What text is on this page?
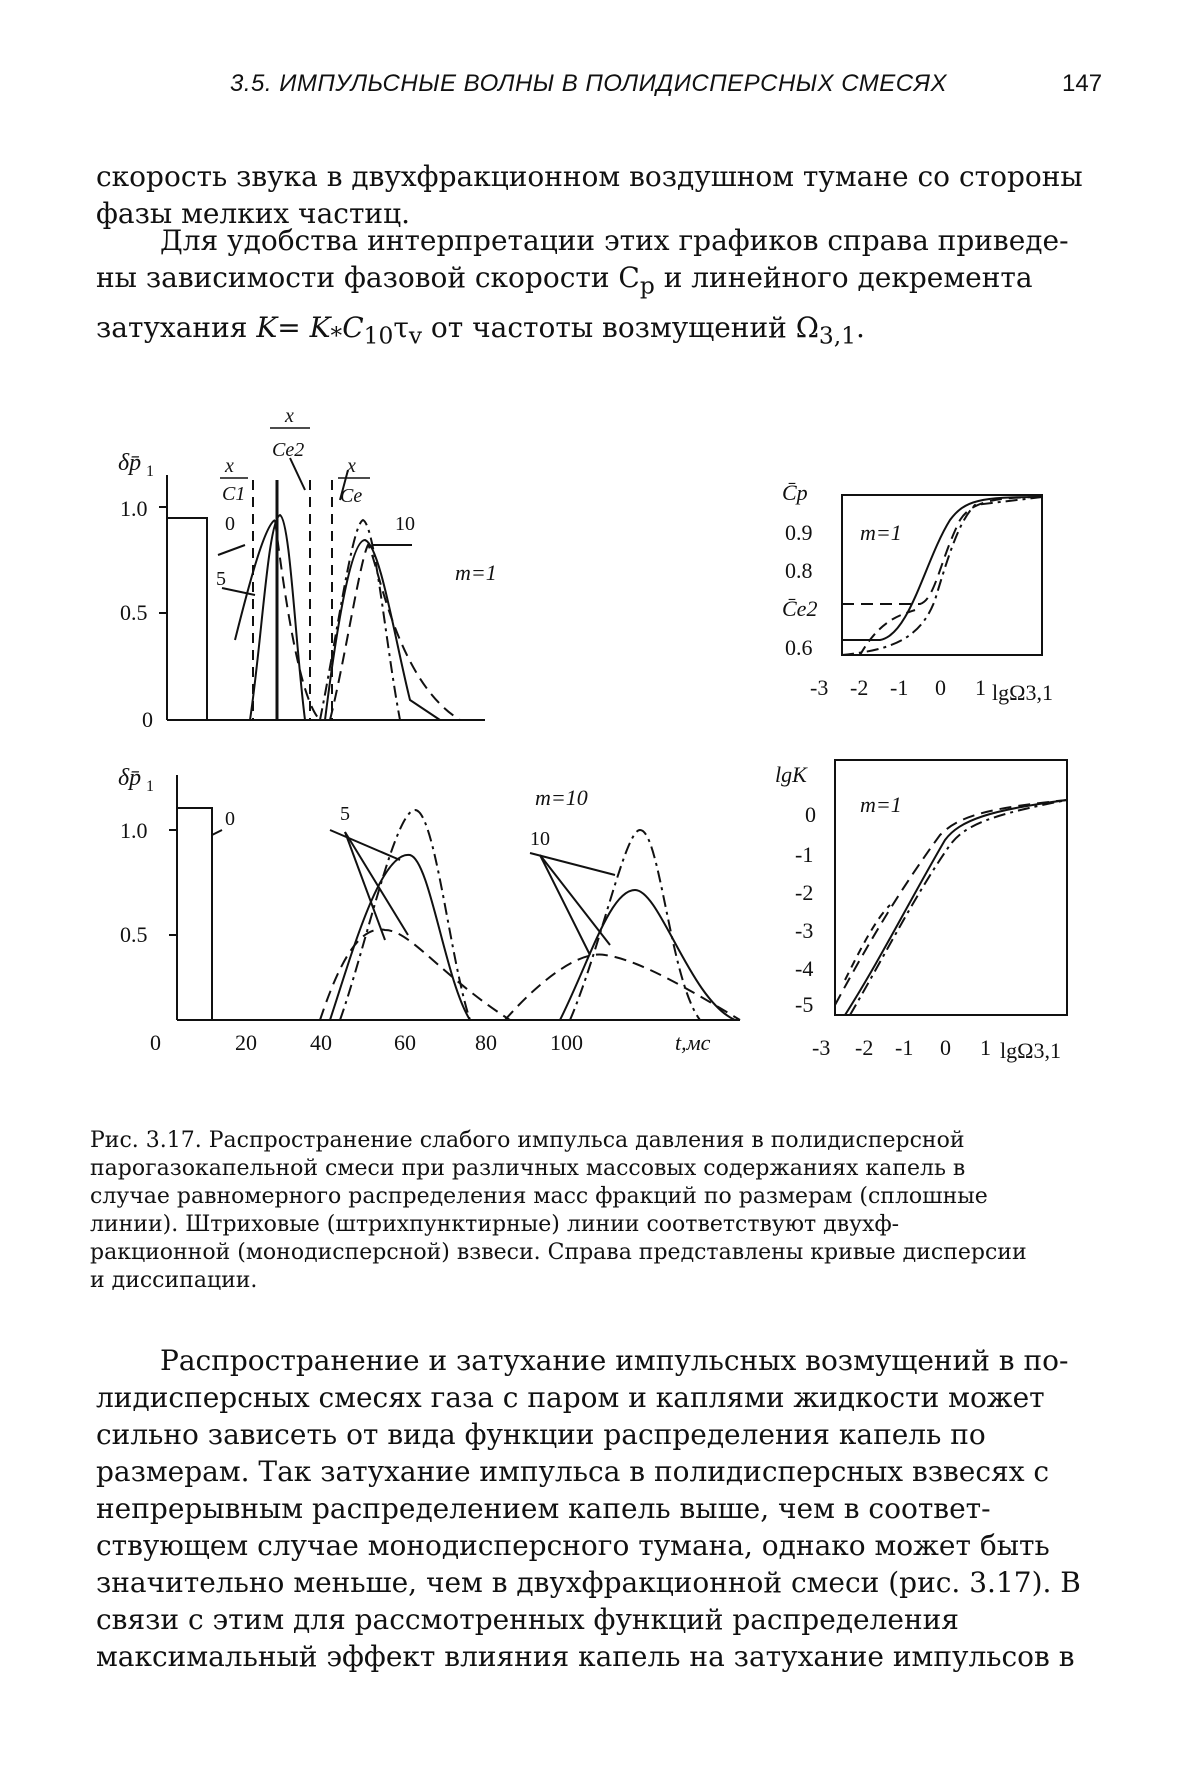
3.5. ИМПУЛЬСНЫЕ ВОЛНЫ В ПОЛИДИСПЕРСНЫХ СМЕСЯХ	147

скорость звука в двухфракционном воздушном тумане со стороны
фазы мелких частиц.

Для удобства интерпретации этих графиков справа приведе-
ны зависимости фазовой скорости $C_p$ и линейного декремента
затухания $K= K_*C_{10}\tau_v$ от частоты возмущений $\Omega_{3,1}$.

δp̄ 1
1.0
0.5
0
m=1
x
C1
x
Ce2
x
Ce
0
5
10
δp̄ 1
1.0
0.5
0	20 40	60	80 100	t,мс
m=10
0	5
10
C̄p
0.9
0.8
C̄e2
0.6
-3 -2 -1 0 1 lgΩ3,1
m=1
lgK
0
-1
-2
-3
-4
-5
-3 -2 -1 0 1 lgΩ3,1
m=1

Рис. 3.17. Распространение слабого импульса давления в полидисперсной
парогазокапельной смеси при различных массовых содержаниях капель в
случае равномерного распределения масс фракций по размерам (сплошные
линии). Штриховые (штрихпунктирные) линии соответствуют двухф-
ракционной (монодисперсной) взвеси. Справа представлены кривые дисперсии
и диссипации.

Распространение и затухание импульсных возмущений в по-
лидисперсных смесях газа с паром и каплями жидкости может
сильно зависеть от вида функции распределения капель по
размерам. Так затухание импульса в полидисперсных взвесях с
непрерывным распределением капель выше, чем в соответ-
ствующем случае монодисперсного тумана, однако может быть
значительно меньше, чем в двухфракционной смеси (рис. 3.17). В
связи с этим для рассмотренных функций распределения
максимальный эффект влияния капель на затухание импульсов в
